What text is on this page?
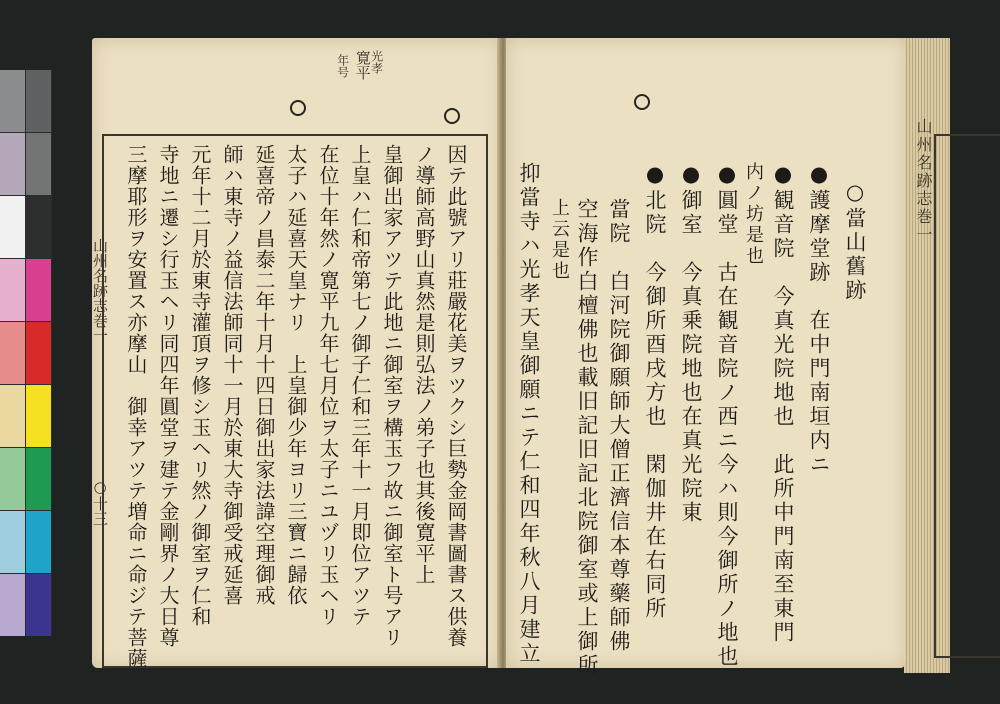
山州名跡志巻一
寛平
光孝
年号
山州名跡志巻一
○十三	因テ此號アリ莊嚴花美ヲツクシ巨勢金岡書圖書ス供養
ノ導師高野山真然是則弘法ノ弟子也其後寛平上
皇御出家アツテ此地ニ御室ヲ構玉フ故ニ御室ト号アリ
上皇ハ仁和帝第七ノ御子仁和三年十一月即位アツテ
在位十年然ノ寛平九年七月位ヲ太子ニユヅリ玉ヘリ
太子ハ延喜天皇ナリ　上皇御少年ヨリ三寶ニ歸依
延喜帝ノ昌泰二年十月十四日御出家法諱空理御戒
師ハ東寺ノ益信法師同十一月於東大寺御受戒延喜
元年十二月於東寺灌頂ヲ修シ玉ヘリ然ノ御室ヲ仁和
寺地ニ遷シ行玉ヘリ同四年圓堂ヲ建テ金剛界ノ大日尊
三摩耶形ヲ安置ス亦摩山　御幸アツテ増命ニ命ジテ菩薩	○當山舊跡
●護摩堂跡　在中門南垣内ニ
●観音院　今真光院地也　此所中門南至東門
内ノ坊是也
●圓堂　古在観音院ノ西ニ今ハ則今御所ノ地也
●御室　今真乗院地也在真光院東
●北院　今御所酉戌方也　閑伽井在右同所
當院　白河院御願師大僧正濟信本尊藥師佛
空海作白檀佛也載旧記旧記北院御室或上御所
上云是也
抑當寺ハ光孝天皇御願ニテ仁和四年秋八月建立
